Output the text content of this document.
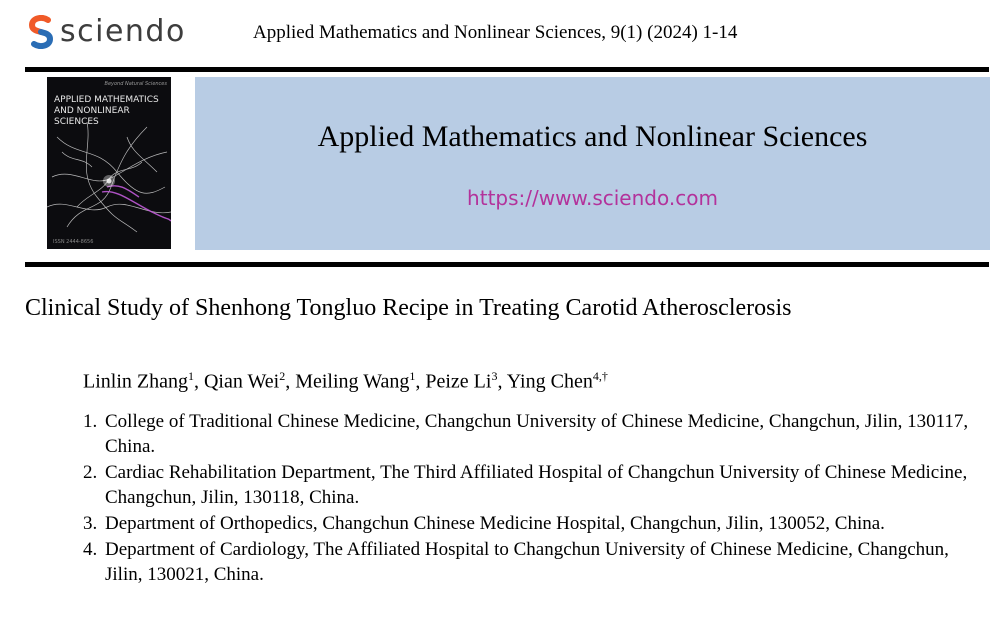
sciendo	Applied Mathematics and Nonlinear Sciences, 9(1) (2024) 1-14
Beyond Natural Sciences
APPLIED MATHEMATICS AND NONLINEAR SCIENCES
ISSN 2444-8656
Applied Mathematics and Nonlinear Sciences
https://www.sciendo.com
Clinical Study of Shenhong Tongluo Recipe in Treating Carotid Atherosclerosis
Linlin Zhang$^1$, Qian Wei$^2$, Meiling Wang$^1$, Peize Li$^3$, Ying Chen$^{4,\dagger}$
1. College of Traditional Chinese Medicine, Changchun University of Chinese Medicine, Changchun, Jilin, 130117, China.
2. Cardiac Rehabilitation Department, The Third Affiliated Hospital of Changchun University of Chinese Medicine, Changchun, Jilin, 130118, China.
3. Department of Orthopedics, Changchun Chinese Medicine Hospital, Changchun, Jilin, 130052, China.
4. Department of Cardiology, The Affiliated Hospital to Changchun University of Chinese Medicine, Changchun, Jilin, 130021, China.
